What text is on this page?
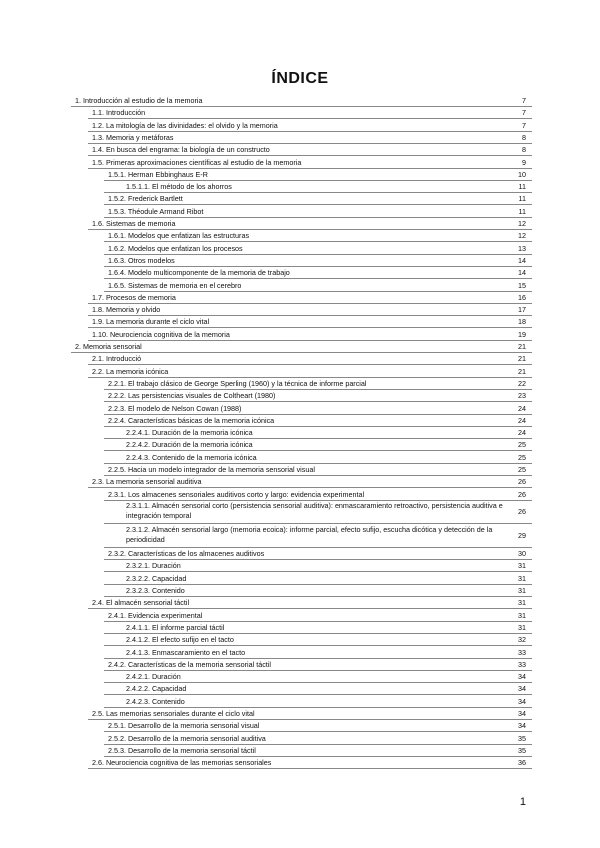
ÍNDICE
1. Introducción al estudio de la memoria	7
1.1. Introducción	7
1.2. La mitología de las divinidades: el olvido y la memoria	7
1.3. Memoria y metáforas	8
1.4. En busca del engrama: la biología de un constructo	8
1.5. Primeras aproximaciones científicas al estudio de la memoria	9
1.5.1. Herman Ebbinghaus E-R	10
1.5.1.1. El método de los ahorros	11
1.5.2. Frederick Bartlett	11
1.5.3. Théodule Armand Ribot	11
1.6. Sistemas de memoria	12
1.6.1. Modelos que enfatizan las estructuras	12
1.6.2. Modelos que enfatizan los procesos	13
1.6.3. Otros modelos	14
1.6.4. Modelo multicomponente de la memoria de trabajo	14
1.6.5. Sistemas de memoria en el cerebro	15
1.7. Procesos de memoria	16
1.8. Memoria y olvido	17
1.9. La memoria durante el ciclo vital	18
1.10. Neurociencia cognitiva de la memoria	19
2. Memoria sensorial	21
2.1. Introducció	21
2.2. La memoria icónica	21
2.2.1. El trabajo clásico de George Sperling (1960) y la técnica de informe parcial	22
2.2.2. Las persistencias visuales de Coltheart (1980)	23
2.2.3. El modelo de Nelson Cowan (1988)	24
2.2.4. Características básicas de la memoria icónica	24
2.2.4.1. Duración de la memoria icónica	24
2.2.4.2. Duración de la memoria icónica	25
2.2.4.3. Contenido de la memoria icónica	25
2.2.5. Hacia un modelo integrador de la memoria sensorial visual	25
2.3. La memoria sensorial auditiva	26
2.3.1. Los almacenes sensoriales auditivos corto y largo: evidencia experimental	26
2.3.1.1. Almacén sensorial corto (persistencia sensorial auditiva): enmascaramiento retroactivo, persistencia auditiva e integración temporal	26
2.3.1.2. Almacén sensorial largo (memoria ecoica): informe parcial, efecto sufijo, escucha dicótica y detección de la periodicidad	29
2.3.2. Características de los almacenes auditivos	30
2.3.2.1. Duración	31
2.3.2.2. Capacidad	31
2.3.2.3. Contenido	31
2.4. El almacén sensorial táctil	31
2.4.1. Evidencia experimental	31
2.4.1.1. El informe parcial táctil	31
2.4.1.2. El efecto sufijo en el tacto	32
2.4.1.3. Enmascaramiento en el tacto	33
2.4.2. Características de la memoria sensorial táctil	33
2.4.2.1. Duración	34
2.4.2.2. Capacidad	34
2.4.2.3. Contenido	34
2.5. Las memorias sensoriales durante el ciclo vital	34
2.5.1. Desarrollo de la memoria sensorial visual	34
2.5.2. Desarrollo de la memoria sensorial auditiva	35
2.5.3. Desarrollo de la memoria sensorial táctil	35
2.6. Neurociencia cognitiva de las memorias sensoriales	36
1
